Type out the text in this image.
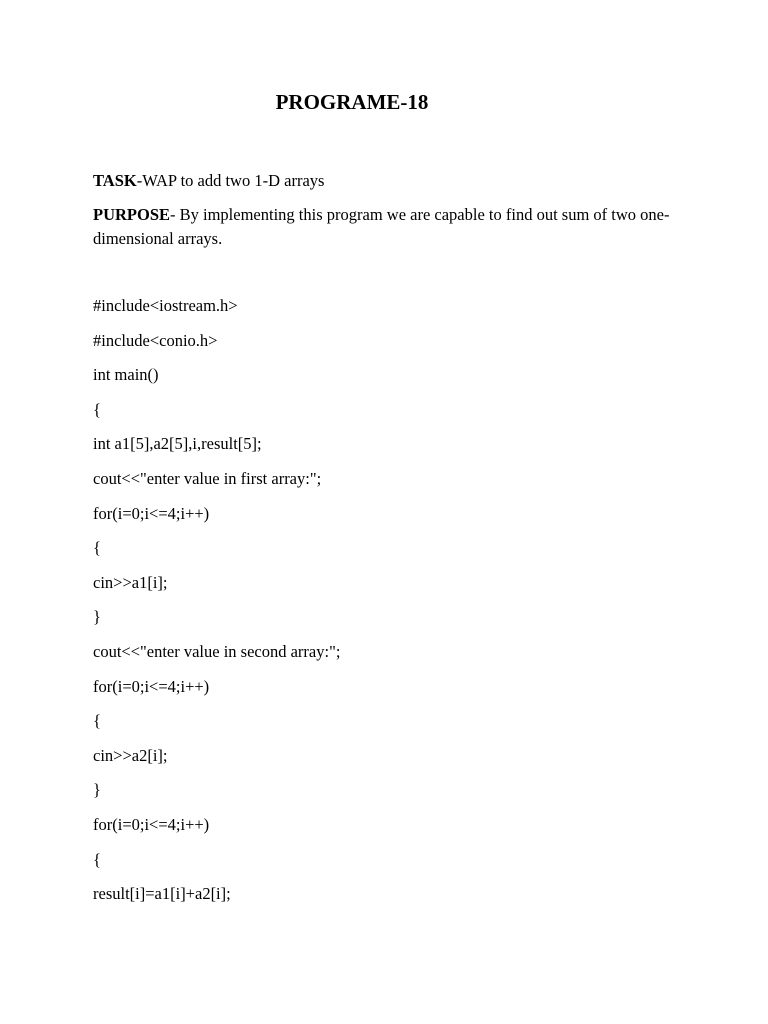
PROGRAME-18
TASK-WAP to add two 1-D arrays
PURPOSE- By implementing this program we are capable to find out sum of two one-dimensional arrays.
#include<iostream.h>
#include<conio.h>
int main()
{
int a1[5],a2[5],i,result[5];
cout<<"enter value in first array:";
for(i=0;i<=4;i++)
{
cin>>a1[i];
}
cout<<"enter value in second array:";
for(i=0;i<=4;i++)
{
cin>>a2[i];
}
for(i=0;i<=4;i++)
{
result[i]=a1[i]+a2[i];
